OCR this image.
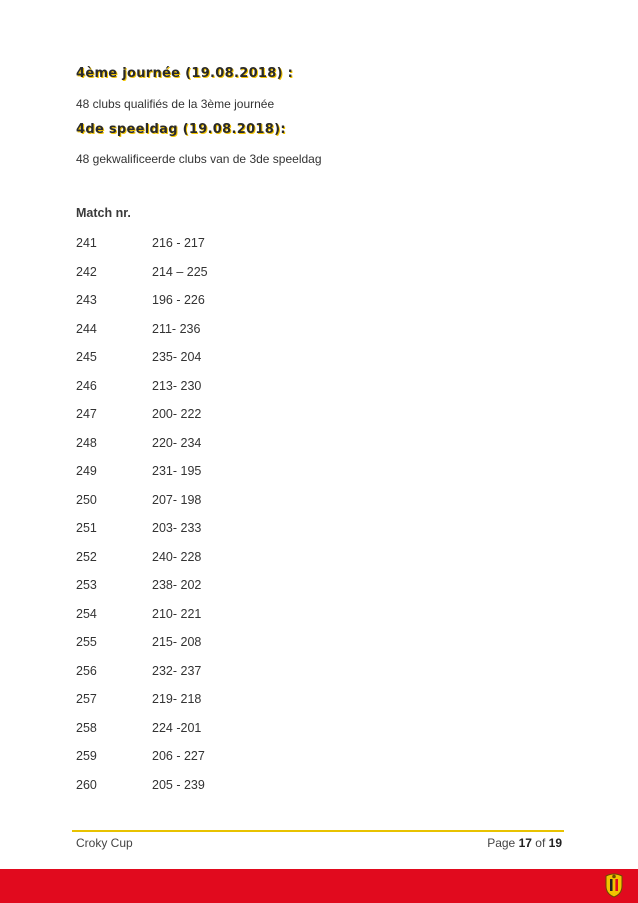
4ème journée (19.08.2018) :
48 clubs qualifiés de la 3ème journée
4de speeldag (19.08.2018):
48 gekwalificeerde clubs van de 3de speeldag
Match nr.
241	216 - 217
242	214 – 225
243	196 - 226
244	211- 236
245	235- 204
246	213- 230
247	200- 222
248	220- 234
249	231- 195
250	207- 198
251	203- 233
252	240- 228
253	238- 202
254	210- 221
255	215- 208
256	232- 237
257	219- 218
258	224 -201
259	206 - 227
260	205 - 239
Croky Cup	Page 17 of 19
